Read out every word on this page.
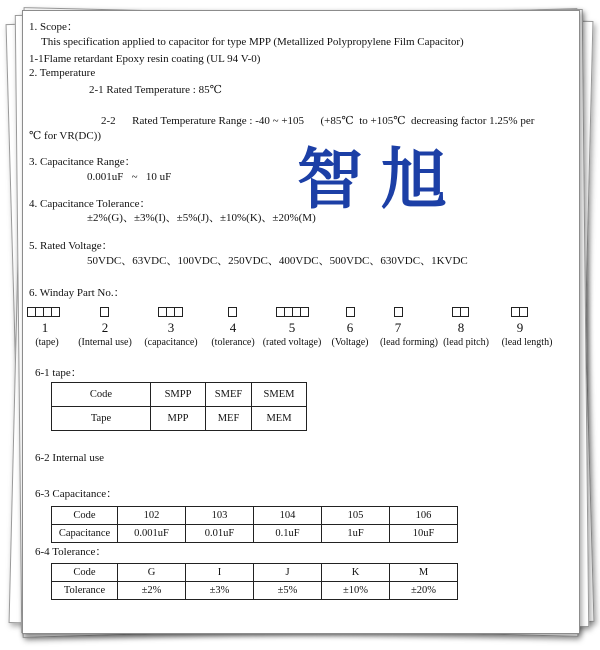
1. Scope：
This specification applied to capacitor for type MPP (Metallized Polypropylene Film Capacitor)
1-1Flame retardant Epoxy resin coating (UL 94 V-0)
2. Temperature
2-1 Rated Temperature : 85℃
2-2      Rated Temperature Range : -40 ~ +105      (+85℃  to +105℃  decreasing factor 1.25% per
℃ for VR(DC))
3. Capacitance Range：
0.001uF   ~   10 uF
4. Capacitance Tolerance：
±2%(G)、±3%(I)、±5%(J)、±10%(K)、±20%(M)
5. Rated Voltage：
50VDC、63VDC、100VDC、250VDC、400VDC、500VDC、630VDC、1KVDC
智旭
6. Winday Part No.：
1	2	3	4	5	6	7	8	9
(tape)	(Internal use)	(capacitance)	(tolerance) (rated voltage)	(Voltage)	(lead forming) (lead pitch)	(lead length)
6-1 tape：
Code	SMPP	SMEF	SMEM
Tape	MPP	MEF	MEM
6-2 Internal use
6-3 Capacitance：
Code	102	103	104	105	106
Capacitance	0.001uF	0.01uF	0.1uF	1uF	10uF
6-4 Tolerance：
Code	G	I	J	K	M
Tolerance	±2%	±3%	±5%	±10%	±20%
